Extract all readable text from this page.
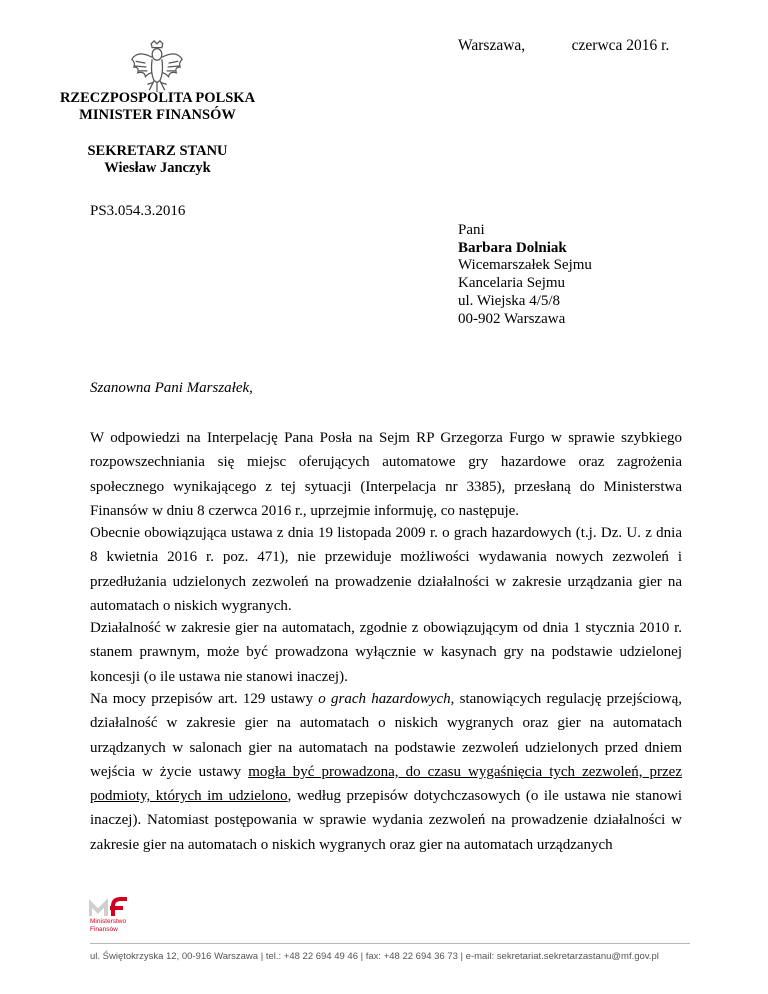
Warszawa,	czerwca 2016 r.
RZECZPOSPOLITA POLSKA
MINISTER FINANSÓW
SEKRETARZ STANU
Wiesław Janczyk
PS3.054.3.2016
Pani
Barbara Dolniak
Wicemarszałek Sejmu
Kancelaria Sejmu
ul. Wiejska 4/5/8
00-902 Warszawa
Szanowna Pani Marszałek,
W odpowiedzi na Interpelację Pana Posła na Sejm RP Grzegorza Furgo w sprawie szybkiego rozpowszechniania się miejsc oferujących automatowe gry hazardowe oraz zagrożenia społecznego wynikającego z tej sytuacji (Interpelacja nr 3385), przesłaną do Ministerstwa Finansów w dniu 8 czerwca 2016 r., uprzejmie informuję, co następuje.
Obecnie obowiązująca ustawa z dnia 19 listopada 2009 r. o grach hazardowych (t.j. Dz. U. z dnia 8 kwietnia 2016 r. poz. 471), nie przewiduje możliwości wydawania nowych zezwoleń i przedłużania udzielonych zezwoleń na prowadzenie działalności w zakresie urządzania gier na automatach o niskich wygranych.
Działalność w zakresie gier na automatach, zgodnie z obowiązującym od dnia 1 stycznia 2010 r. stanem prawnym, może być prowadzona wyłącznie w kasynach gry na podstawie udzielonej koncesji (o ile ustawa nie stanowi inaczej).
Na mocy przepisów art. 129 ustawy o grach hazardowych, stanowiących regulację przejściową, działalność w zakresie gier na automatach o niskich wygranych oraz gier na automatach urządzanych w salonach gier na automatach na podstawie zezwoleń udzielonych przed dniem wejścia w życie ustawy mogła być prowadzona, do czasu wygaśnięcia tych zezwoleń, przez podmioty, których im udzielono, według przepisów dotychczasowych (o ile ustawa nie stanowi inaczej). Natomiast postępowania w sprawie wydania zezwoleń na prowadzenie działalności w zakresie gier na automatach o niskich wygranych oraz gier na automatach urządzanych
Ministerstwo
Finansów
ul. Świętokrzyska 12, 00-916 Warszawa | tel.: +48 22 694 49 46 | fax: +48 22 694 36 73 | e-mail: sekretariat.sekretarzastanu@mf.gov.pl
